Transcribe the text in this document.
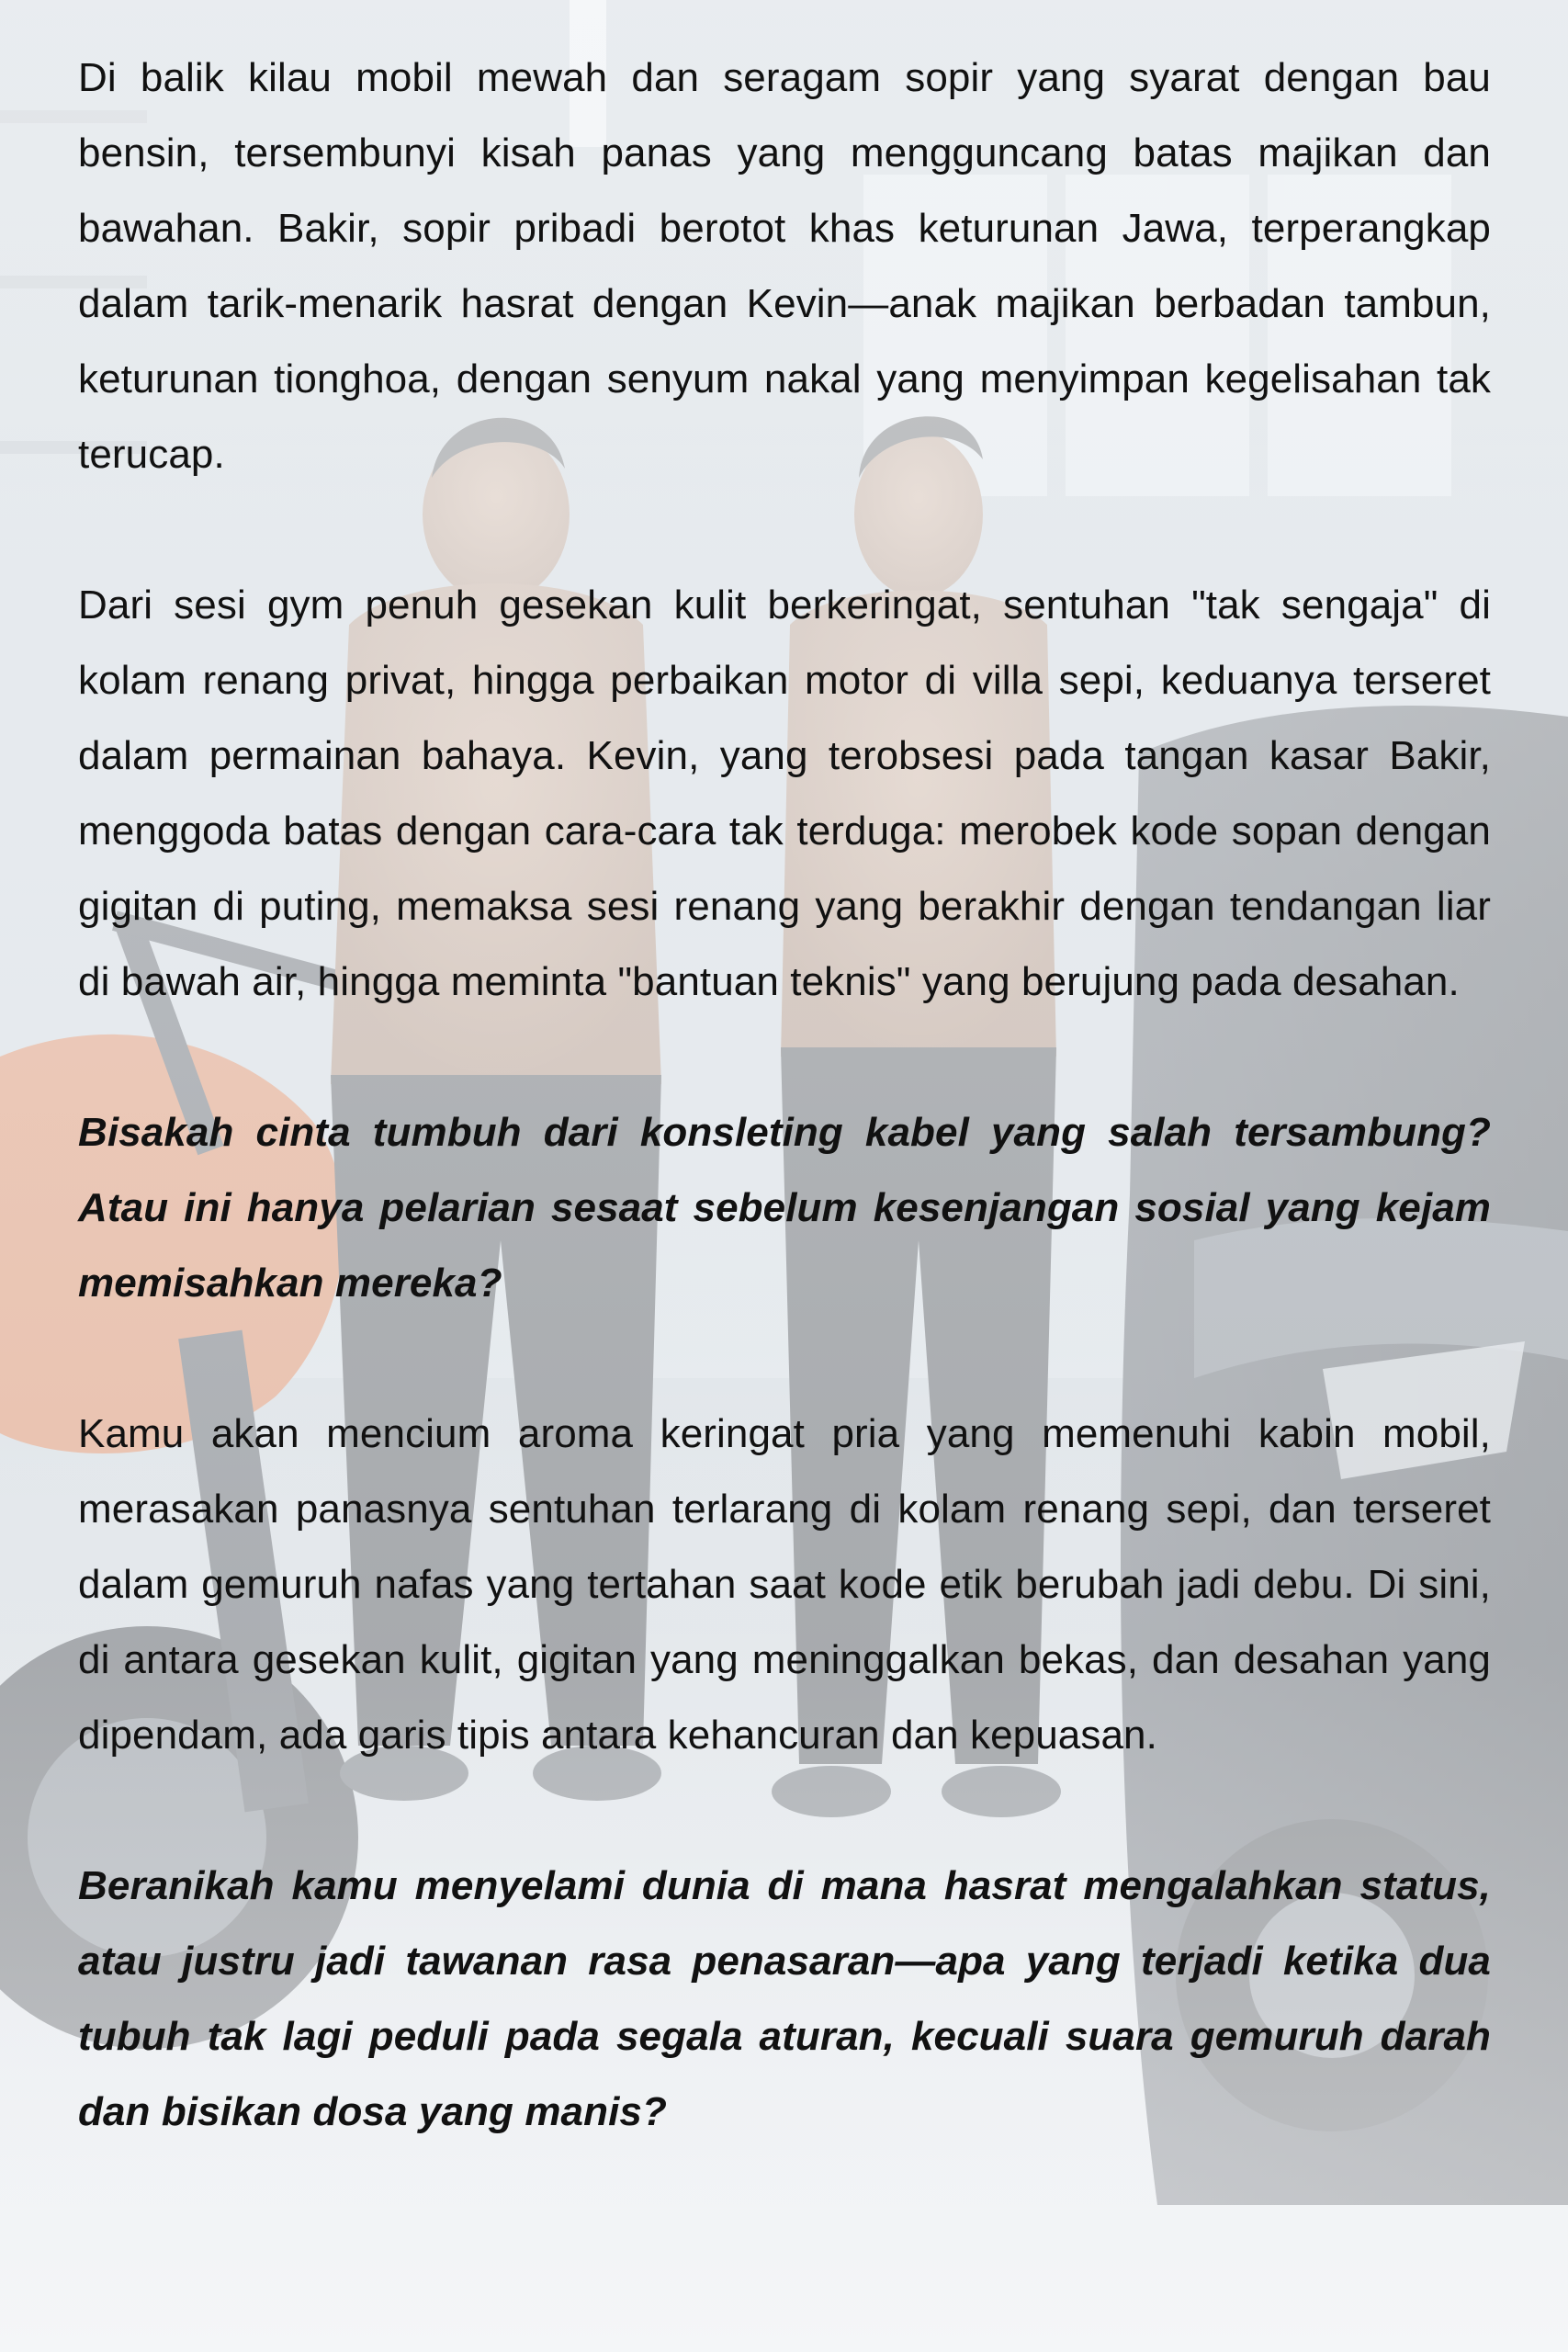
Di balik kilau mobil mewah dan seragam sopir yang syarat dengan bau bensin, tersembunyi kisah panas yang mengguncang batas majikan dan bawahan. Bakir, sopir pribadi berotot khas keturunan Jawa, terperangkap dalam tarik-menarik hasrat dengan Kevin—anak majikan berbadan tambun, keturunan tionghoa, dengan senyum nakal yang menyimpan kegelisahan tak terucap.

Dari sesi gym penuh gesekan kulit berkeringat, sentuhan "tak sengaja" di kolam renang privat, hingga perbaikan motor di villa sepi, keduanya terseret dalam permainan bahaya. Kevin, yang terobsesi pada tangan kasar Bakir, menggoda batas dengan cara-cara tak terduga: merobek kode sopan dengan gigitan di puting, memaksa sesi renang yang berakhir dengan tendangan liar di bawah air, hingga meminta "bantuan teknis" yang berujung pada desahan.

Bisakah cinta tumbuh dari konsleting kabel yang salah tersambung? Atau ini hanya pelarian sesaat sebelum kesenjangan sosial yang kejam memisahkan mereka?

Kamu akan mencium aroma keringat pria yang memenuhi kabin mobil, merasakan panasnya sentuhan terlarang di kolam renang sepi, dan terseret dalam gemuruh nafas yang tertahan saat kode etik berubah jadi debu. Di sini, di antara gesekan kulit, gigitan yang meninggalkan bekas, dan desahan yang dipendam, ada garis tipis antara kehancuran dan kepuasan.

Beranikah kamu menyelami dunia di mana hasrat mengalahkan status, atau justru jadi tawanan rasa penasaran—apa yang terjadi ketika dua tubuh tak lagi peduli pada segala aturan, kecuali suara gemuruh darah dan bisikan dosa yang manis?
